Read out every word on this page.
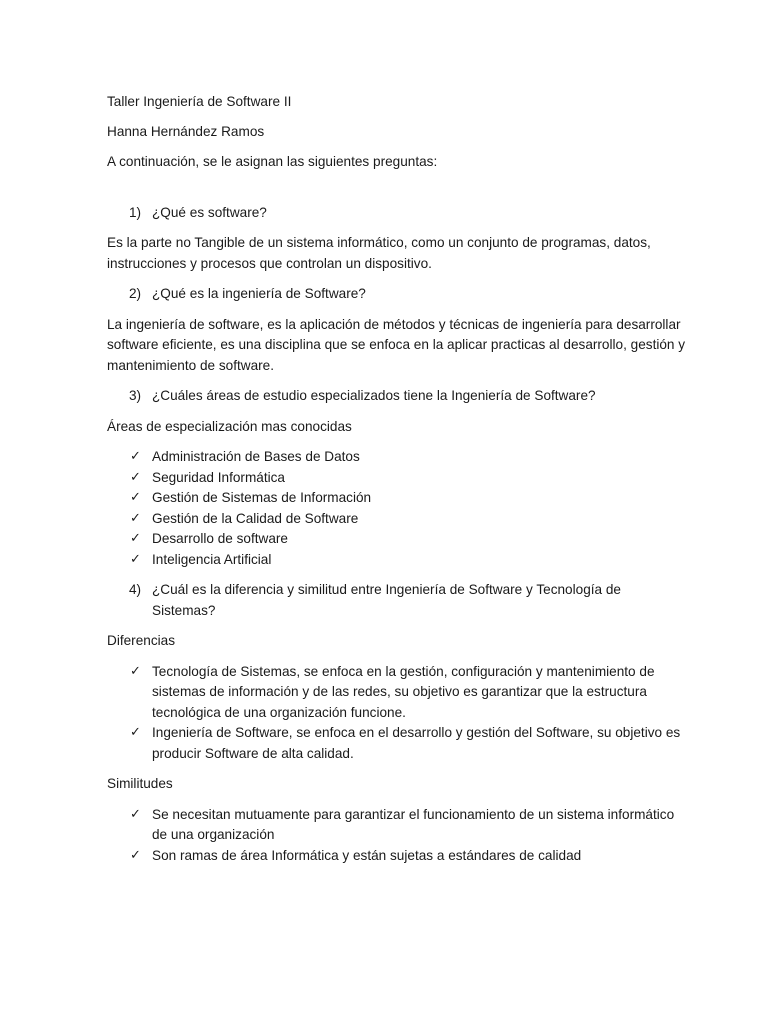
Taller Ingeniería de Software II

Hanna Hernández Ramos

A continuación, se le asignan las siguientes preguntas:

1) ¿Qué es software?

Es la parte no Tangible de un sistema informático, como un conjunto de programas, datos, instrucciones y procesos que controlan un dispositivo.

2) ¿Qué es la ingeniería de Software?

La ingeniería de software, es la aplicación de métodos y técnicas de ingeniería para desarrollar software eficiente, es una disciplina que se enfoca en la aplicar practicas al desarrollo, gestión y mantenimiento de software.

3) ¿Cuáles áreas de estudio especializados tiene la Ingeniería de Software?

Áreas de especialización mas conocidas

✓ Administración de Bases de Datos
✓ Seguridad Informática
✓ Gestión de Sistemas de Información
✓ Gestión de la Calidad de Software
✓ Desarrollo de software
✓ Inteligencia Artificial
4) ¿Cuál es la diferencia y similitud entre Ingeniería de Software y Tecnología de Sistemas?

Diferencias

✓ Tecnología de Sistemas, se enfoca en la gestión, configuración y mantenimiento de sistemas de información y de las redes, su objetivo es garantizar que la estructura tecnológica de una organización funcione.
✓ Ingeniería de Software, se enfoca en el desarrollo y gestión del Software, su objetivo es producir Software de alta calidad.

Similitudes

✓ Se necesitan mutuamente para garantizar el funcionamiento de un sistema informático de una organización
✓ Son ramas de área Informática y están sujetas a estándares de calidad
